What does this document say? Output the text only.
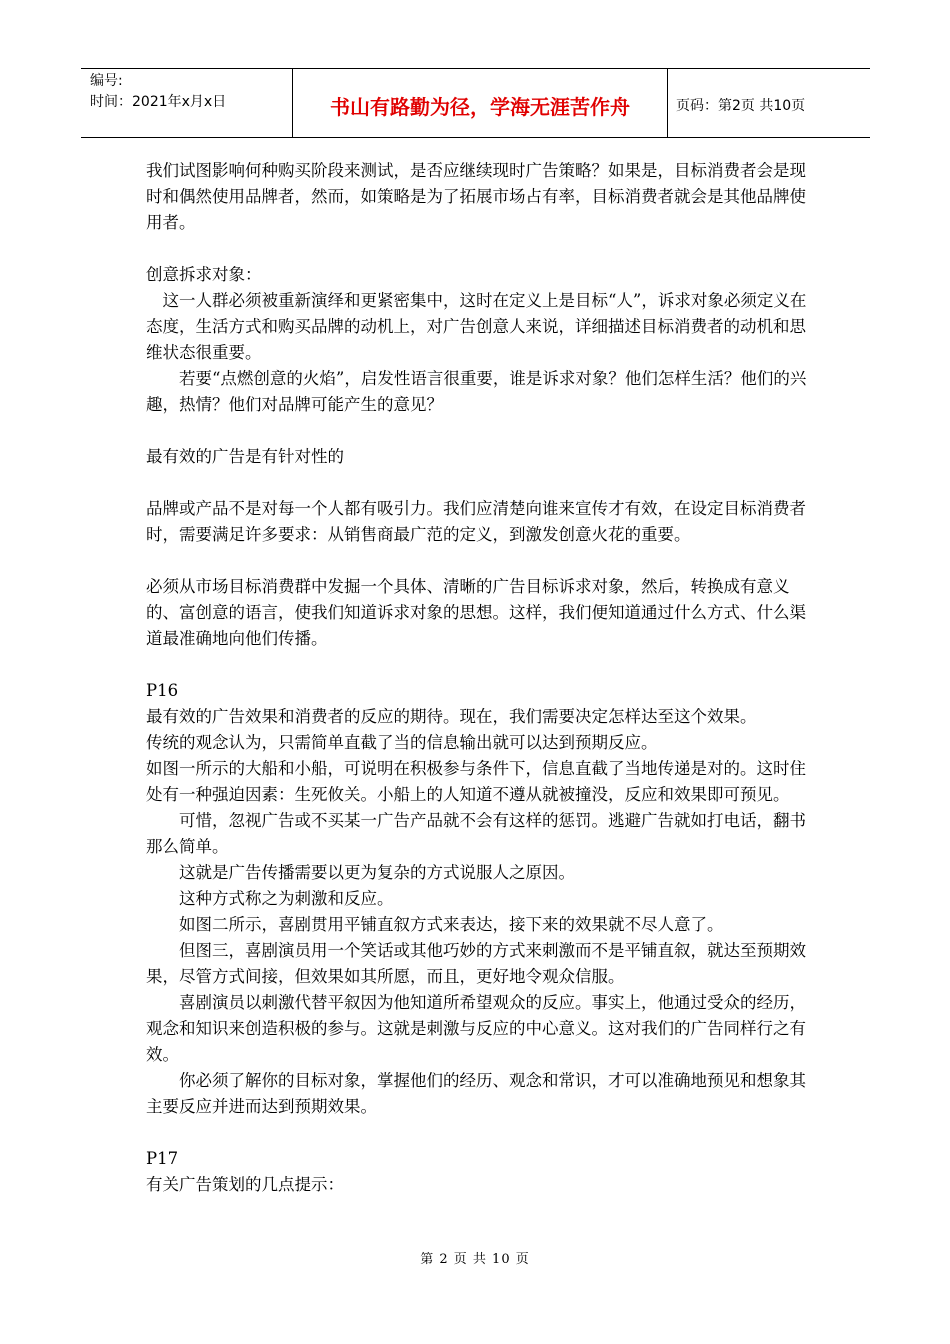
编号:
时间：2021年x月x日	书山有路勤为径，学海无涯苦作舟	页码：第2页 共10页

我们试图影响何种购买阶段来测试，是否应继续现时广告策略？如果是，目标消费者会是现时和偶然使用品牌者，然而，如策略是为了拓展市场占有率，目标消费者就会是其他品牌使用者。

创意拆求对象：

这一人群必须被重新演绎和更紧密集中，这时在定义上是目标“人”，诉求对象必须定义在态度，生活方式和购买品牌的动机上，对广告创意人来说，详细描述目标消费者的动机和思维状态很重要。

若要“点燃创意的火焰”，启发性语言很重要，谁是诉求对象？他们怎样生活？他们的兴趣，热情？他们对品牌可能产生的意见？

最有效的广告是有针对性的

品牌或产品不是对每一个人都有吸引力。我们应清楚向谁来宣传才有效，在设定目标消费者时，需要满足许多要求：从销售商最广范的定义，到激发创意火花的重要。

必须从市场目标消费群中发掘一个具体、清晰的广告目标诉求对象，然后，转换成有意义的、富创意的语言，使我们知道诉求对象的思想。这样，我们便知道通过什么方式、什么渠道最准确地向他们传播。

P16

最有效的广告效果和消费者的反应的期待。现在，我们需要决定怎样达至这个效果。

传统的观念认为，只需简单直截了当的信息输出就可以达到预期反应。

如图一所示的大船和小船，可说明在积极参与条件下，信息直截了当地传递是对的。这时住处有一种强迫因素：生死攸关。小船上的人知道不遵从就被撞没，反应和效果即可预见。

可惜，忽视广告或不买某一广告产品就不会有这样的惩罚。逃避广告就如打电话，翻书那么简单。

这就是广告传播需要以更为复杂的方式说服人之原因。

这种方式称之为刺激和反应。

如图二所示，喜剧贯用平铺直叙方式来表达，接下来的效果就不尽人意了。

但图三，喜剧演员用一个笑话或其他巧妙的方式来刺激而不是平铺直叙，就达至预期效果，尽管方式间接，但效果如其所愿，而且，更好地令观众信服。

喜剧演员以刺激代替平叙因为他知道所希望观众的反应。事实上，他通过受众的经历，观念和知识来创造积极的参与。这就是刺激与反应的中心意义。这对我们的广告同样行之有效。

你必须了解你的目标对象，掌握他们的经历、观念和常识，才可以准确地预见和想象其主要反应并进而达到预期效果。

P17

有关广告策划的几点提示：

第 2 页 共 10 页
